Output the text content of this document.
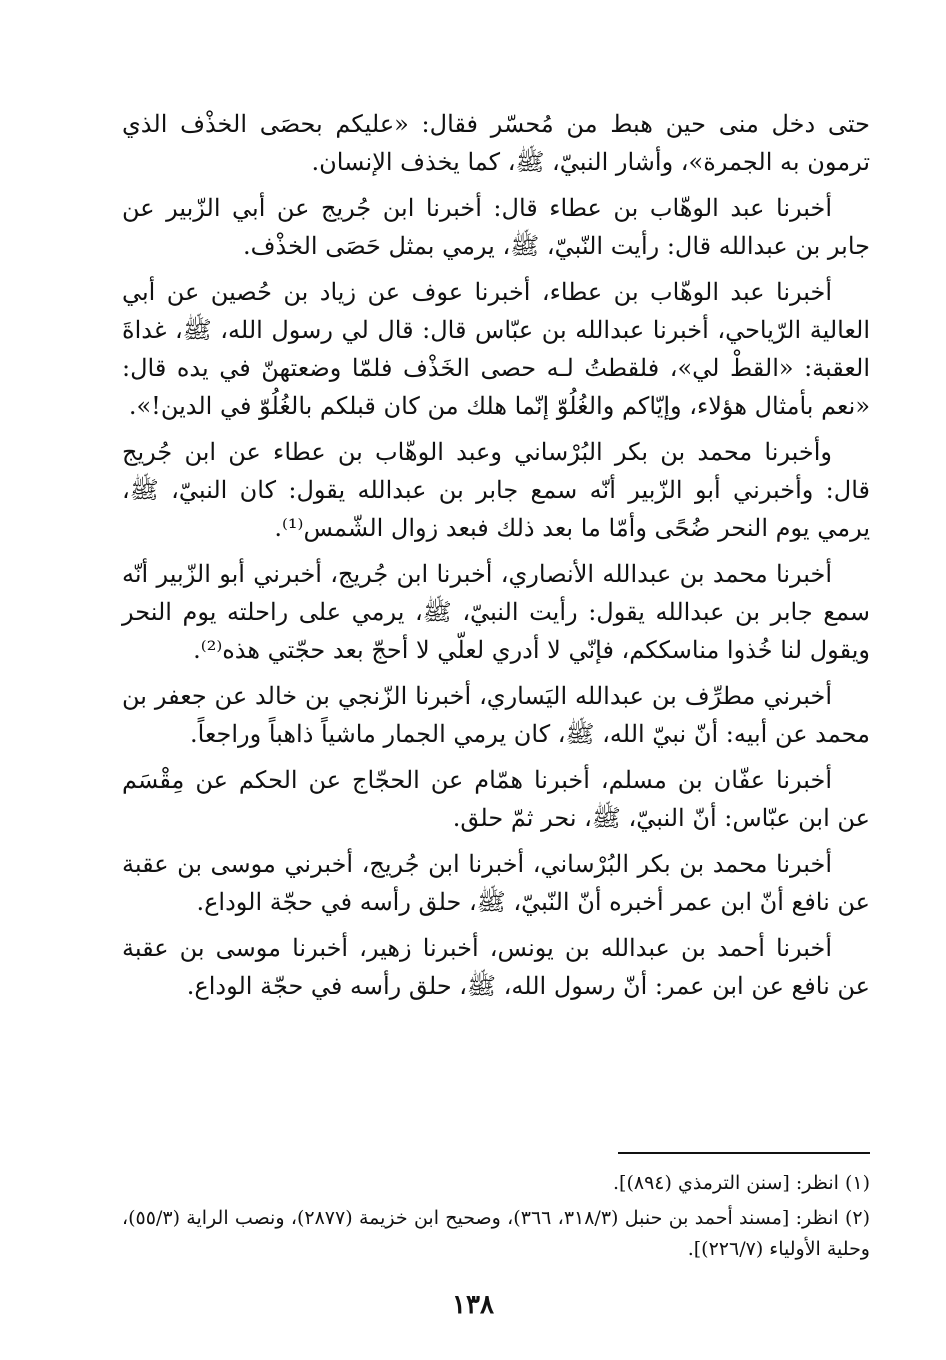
حتى دخل منى حين هبط من مُحسّر فقال: «عليكم بحصَى الخذْف الذي ترمون به الجمرة»، وأشار النبيّ، ﷺ، كما يخذف الإنسان.

أخبرنا عبد الوهّاب بن عطاء قال: أخبرنا ابن جُريج عن أبي الزّبير عن جابر بن عبدالله قال: رأيت النّبيّ، ﷺ، يرمي بمثل حَصَى الخذْف.

أخبرنا عبد الوهّاب بن عطاء، أخبرنا عوف عن زياد بن حُصين عن أبي العالية الرّياحي، أخبرنا عبدالله بن عبّاس قال: قال لي رسول الله، ﷺ، غداةَ العقبة: «القطْ لي»، فلقطتُ لـه حصى الخَذْف فلمّا وضعتهنّ في يده قال: «نعم بأمثال هؤلاء، وإيّاكم والغُلُوّ إنّما هلك من كان قبلكم بالغُلُوّ في الدين!».

وأخبرنا محمد بن بكر البُرْساني وعبد الوهّاب بن عطاء عن ابن جُريج قال: وأخبرني أبو الزّبير أنّه سمع جابر بن عبدالله يقول: كان النبيّ، ﷺ، يرمي يوم النحر ضُحًى وأمّا ما بعد ذلك فبعد زوال الشّمس⁽¹⁾.

أخبرنا محمد بن عبدالله الأنصاري، أخبرنا ابن جُريج، أخبرني أبو الزّبير أنّه سمع جابر بن عبدالله يقول: رأيت النبيّ، ﷺ، يرمي على راحلته يوم النحر ويقول لنا خُذوا مناسككم، فإنّي لا أدري لعلّي لا أحجّ بعد حجّتي هذه⁽²⁾.

أخبرني مطرِّف بن عبدالله اليَساري، أخبرنا الزّنجي بن خالد عن جعفر بن محمد عن أبيه: أنّ نبيّ الله، ﷺ، كان يرمي الجمار ماشياً ذاهباً وراجعاً.

أخبرنا عفّان بن مسلم، أخبرنا همّام عن الحجّاج عن الحكم عن مِقْسَم عن ابن عبّاس: أنّ النبيّ، ﷺ، نحر ثمّ حلق.

أخبرنا محمد بن بكر البُرْساني، أخبرنا ابن جُريج، أخبرني موسى بن عقبة عن نافع أنّ ابن عمر أخبره أنّ النّبيّ، ﷺ، حلق رأسه في حجّة الوداع.

أخبرنا أحمد بن عبدالله بن يونس، أخبرنا زهير، أخبرنا موسى بن عقبة عن نافع عن ابن عمر: أنّ رسول الله، ﷺ، حلق رأسه في حجّة الوداع.

(١) انظر: [سنن الترمذي (٨٩٤)].

(٢) انظر: [مسند أحمد بن حنبل (٣١٨/٣، ٣٦٦)، وصحيح ابن خزيمة (٢٨٧٧)، ونصب الراية (٥٥/٣)، وحلية الأولياء (٢٢٦/٧)].

١٣٨
